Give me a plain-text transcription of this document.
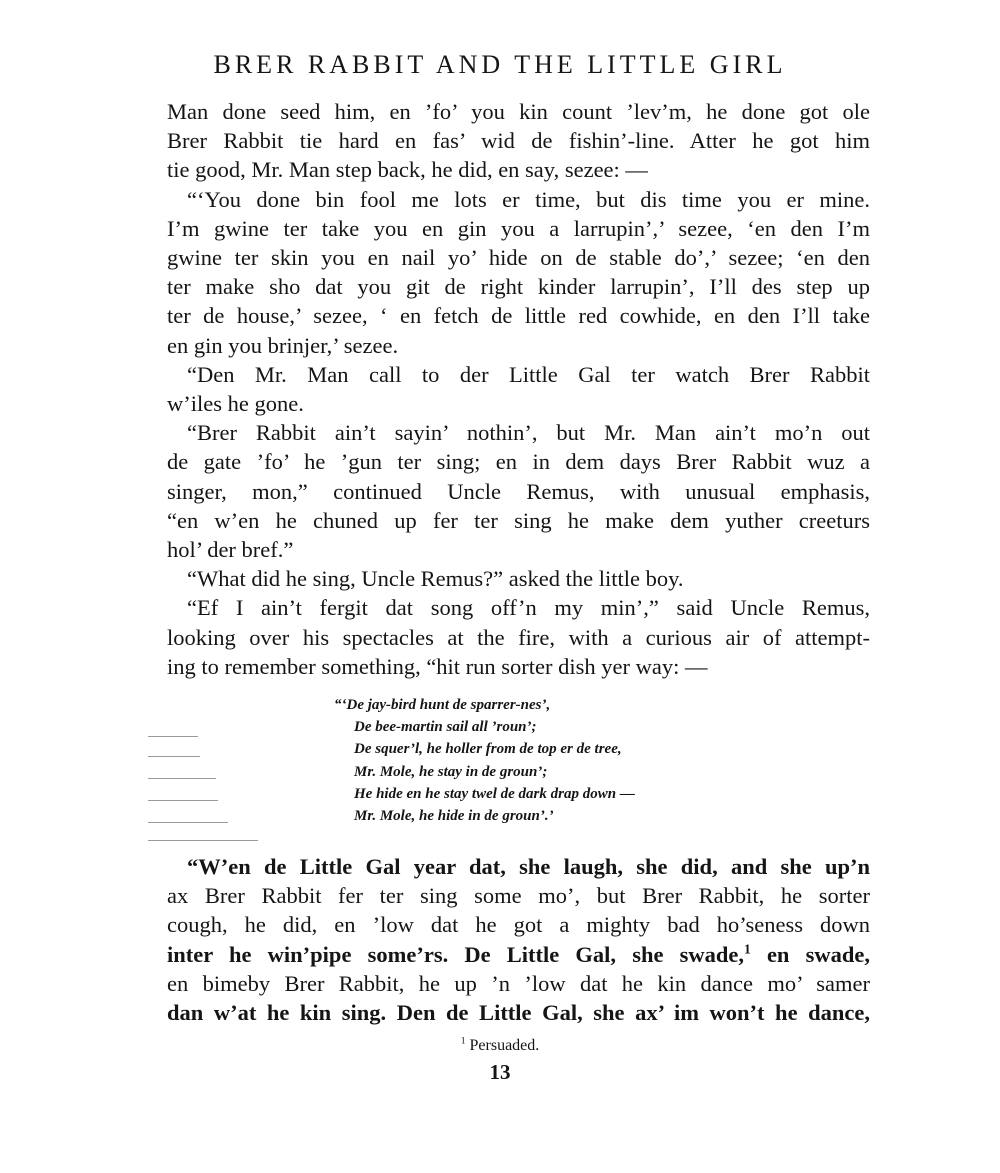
BRER RABBIT AND THE LITTLE GIRL
Man done seed him, en ’fo’ you kin count ’lev’m, he done got ole
Brer Rabbit tie hard en fas’ wid de fishin’-line. Atter he got him
tie good, Mr. Man step back, he did, en say, sezee: —
“‘You done bin fool me lots er time, but dis time you er mine.
I’m gwine ter take you en gin you a larrupin’,’ sezee, ‘en den I’m
gwine ter skin you en nail yo’ hide on de stable do’,’ sezee; ‘en den
ter make sho dat you git de right kinder larrupin’, I’ll des step up
ter de house,’ sezee, ‘ en fetch de little red cowhide, en den I’ll take
en gin you brinjer,’ sezee.
“Den Mr. Man call to der Little Gal ter watch Brer Rabbit
w’iles he gone.
“Brer Rabbit ain’t sayin’ nothin’, but Mr. Man ain’t mo’n out
de gate ’fo’ he ’gun ter sing; en in dem days Brer Rabbit wuz a
singer, mon,” continued Uncle Remus, with unusual emphasis,
“en w’en he chuned up fer ter sing he make dem yuther creeturs
hol’ der bref.”
“What did he sing, Uncle Remus?” asked the little boy.
“Ef I ain’t fergit dat song off’n my min’,” said Uncle Remus,
looking over his spectacles at the fire, with a curious air of attempt-
ing to remember something, “hit run sorter dish yer way: —
“‘De jay-bird hunt de sparrer-nes’,
De bee-martin sail all ’roun’;
De squer’l, he holler from de top er de tree,
Mr. Mole, he stay in de groun’;
He hide en he stay twel de dark drap down —
Mr. Mole, he hide in de groun’.’
“W’en de Little Gal year dat, she laugh, she did, and she up’n
ax Brer Rabbit fer ter sing some mo’, but Brer Rabbit, he sorter
cough, he did, en ’low dat he got a mighty bad ho’seness down
inter he win’pipe some’rs. De Little Gal, she swade,$^1$ en swade,
en bimeby Brer Rabbit, he up ’n ’low dat he kin dance mo’ samer
dan w’at he kin sing. Den de Little Gal, she ax’ im won’t he dance,
$^1$ Persuaded.
13
